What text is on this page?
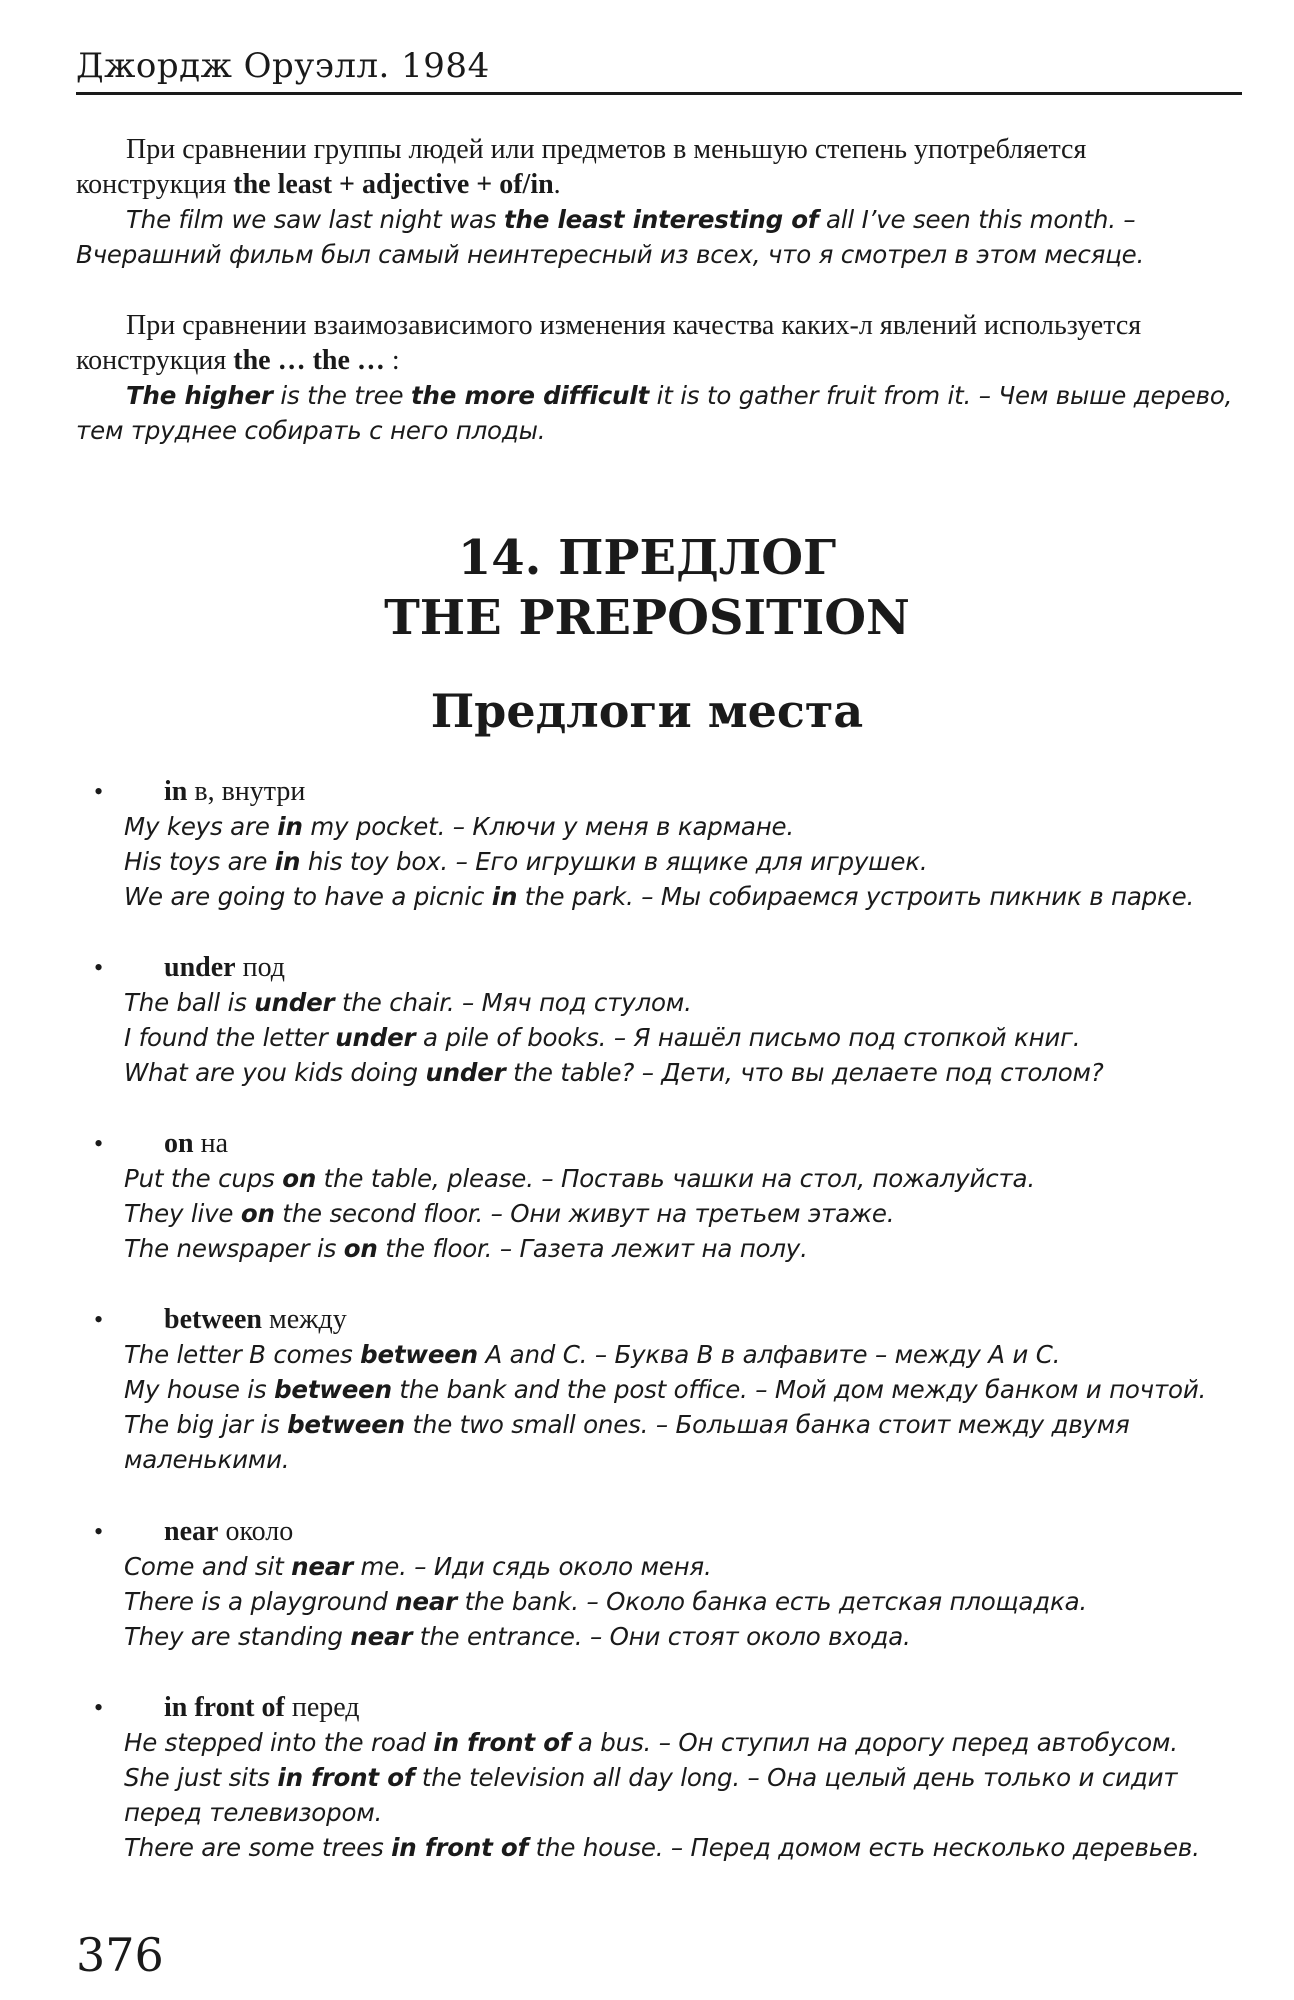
Джордж Оруэлл. 1984

При сравнении группы людей или предметов в меньшую степень употребляется конструкция the least + adjective + of/in.

The film we saw last night was the least interesting of all I’ve seen this month. – Вчерашний фильм был самый неинтересный из всех, что я смотрел в этом месяце.

При сравнении взаимозависимого изменения качества каких-л явлений используется конструкция the … the … :

The higher is the tree the more difficult it is to gather fruit from it. – Чем выше дерево, тем труднее собирать с него плоды.

14. ПРЕДЛОГ
THE PREPOSITION
Предлоги места
• in в, внутри

My keys are in my pocket. – Ключи у меня в кармане.

His toys are in his toy box. – Его игрушки в ящике для игрушек.

We are going to have a picnic in the park. – Мы собираемся устроить пикник в парке.

• under под

The ball is under the chair. – Мяч под стулом.

I found the letter under a pile of books. – Я нашёл письмо под стопкой книг.

What are you kids doing under the table? – Дети, что вы делаете под столом?

• on на

Put the cups on the table, please. – Поставь чашки на стол, пожалуйста.

They live on the second floor. – Они живут на третьем этаже.

The newspaper is on the floor. – Газета лежит на полу.

• between между

The letter B comes between A and C. – Буква B в алфавите – между A и C.

My house is between the bank and the post office. – Мой дом между банком и почтой.

The big jar is between the two small ones. – Большая банка стоит между двумя маленькими.

• near около

Come and sit near me. – Иди сядь около меня.

There is a playground near the bank. – Около банка есть детская площадка.

They are standing near the entrance. – Они стоят около входа.

• in front of перед

He stepped into the road in front of a bus. – Он ступил на дорогу перед автобусом.

She just sits in front of the television all day long. – Она целый день только и сидит перед телевизором.

There are some trees in front of the house. – Перед домом есть несколько деревьев.

376
